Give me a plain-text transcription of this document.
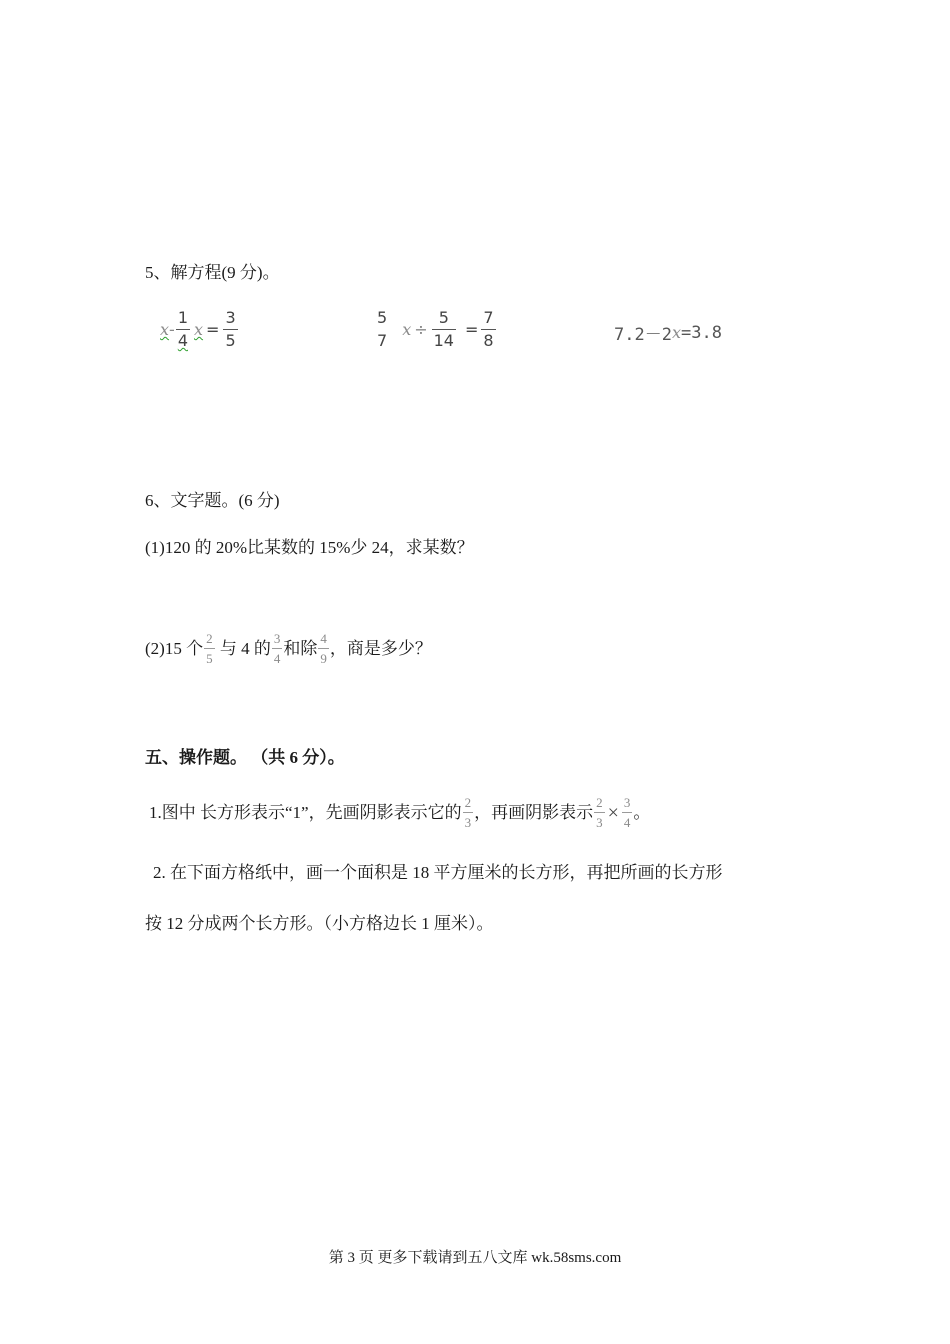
5、解方程(9 分)。
x - $\frac{1}{4}$ $x = \frac{3}{5}$	5
7
$x \div \frac{5}{14} = \frac{7}{8}$	7.2－2 x =3.8
6、文字题。(6 分)
(1)120 的 20%比某数的 15%少 24，求某数？
(2)15 个 $\frac{2}{5}$ 与 4 的 $\frac{3}{4}$ 和除 $\frac{4}{9}$ ，商是多少？
五、操作题。 （共 6 分）。
1.图中 长方形表示“1”，先画阴影表示它的 $\frac{2}{3}$ ，再画阴影表示 $\frac{2}{3} \times \frac{3}{4}$ 。
2. 在下面方格纸中，画一个面积是 18 平方厘米的长方形，再把所画的长方形
按 12 分成两个长方形。（小方格边长 1 厘米）。
第 3 页 更多下载请到五八文库 wk.58sms.com
